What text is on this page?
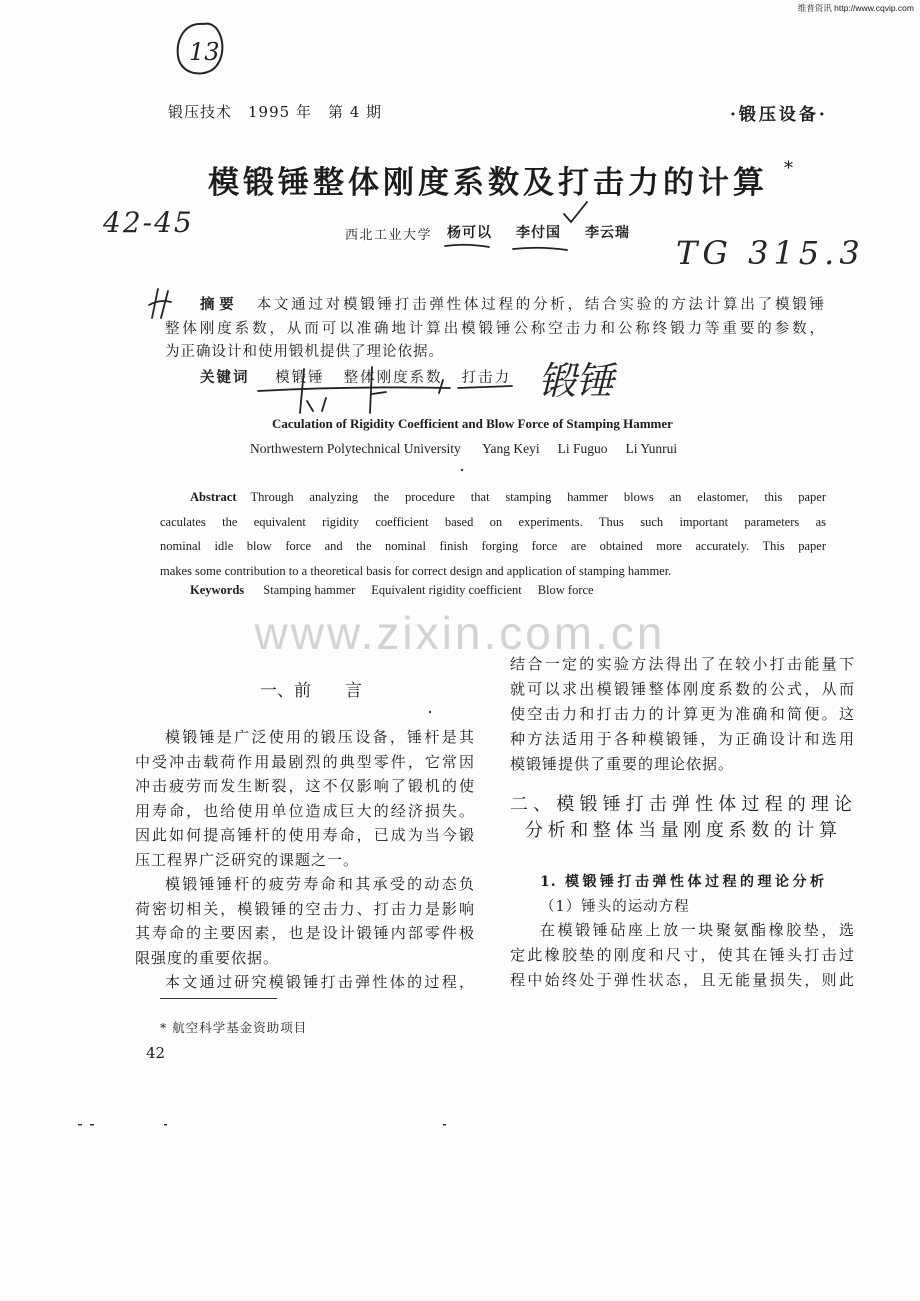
维普资讯 http://www.cqvip.com
13
锻压技术　1995 年　第 4 期	·锻压设备·
模锻锤整体刚度系数及打击力的计算 *
42-45
TG 315.3
锻锤
西北工业大学 杨可以 李付国 李云瑞
摘要 本文通过对模锻锤打击弹性体过程的分析，结合实验的方法计算出了模锻锤
整体刚度系数，从而可以准确地计算出模锻锤公称空击力和公称终锻力等重要的参数，
为正确设计和使用锻机提供了理论依据。
关键词 模锻锤 整体刚度系数 打击力
Caculation of Rigidity Coefficient and Blow Force of Stamping Hammer
Northwestern Polytechnical University Yang Keyi Li Fuguo Li Yunrui
Abstract Through analyzing the procedure that stamping hammer blows an elastomer, this paper
caculates the equivalent rigidity coefficient based on experiments. Thus such important parameters as
nominal idle blow force and the nominal finish forging force are obtained more accurately. This paper
makes some contribution to a theoretical basis for correct design and application of stamping hammer.
Keywords Stamping hammer Equivalent rigidity coefficient Blow force
www.zixin.com.cn
一、前　　言
模锻锤是广泛使用的锻压设备，锤杆是其
中受冲击载荷作用最剧烈的典型零件，它常因
冲击疲劳而发生断裂，这不仅影响了锻机的使
用寿命，也给使用单位造成巨大的经济损失。
因此如何提高锤杆的使用寿命，已成为当今锻
压工程界广泛研究的课题之一。
模锻锤锤杆的疲劳寿命和其承受的动态负
荷密切相关，模锻锤的空击力、打击力是影响
其寿命的主要因素，也是设计锻锤内部零件极
限强度的重要依据。
本文通过研究模锻锤打击弹性体的过程，
结合一定的实验方法得出了在较小打击能量下
就可以求出模锻锤整体刚度系数的公式，从而
使空击力和打击力的计算更为准确和简便。这
种方法适用于各种模锻锤，为正确设计和选用
模锻锤提供了重要的理论依据。
二、模锻锤打击弹性体过程的理论
分析和整体当量刚度系数的计算
1. 模锻锤打击弹性体过程的理论分析
（1）锤头的运动方程
在模锻锤砧座上放一块聚氨酯橡胶垫，选
定此橡胶垫的刚度和尺寸，使其在锤头打击过
程中始终处于弹性状态，且无能量损失，则此
* 航空科学基金资助项目
42
